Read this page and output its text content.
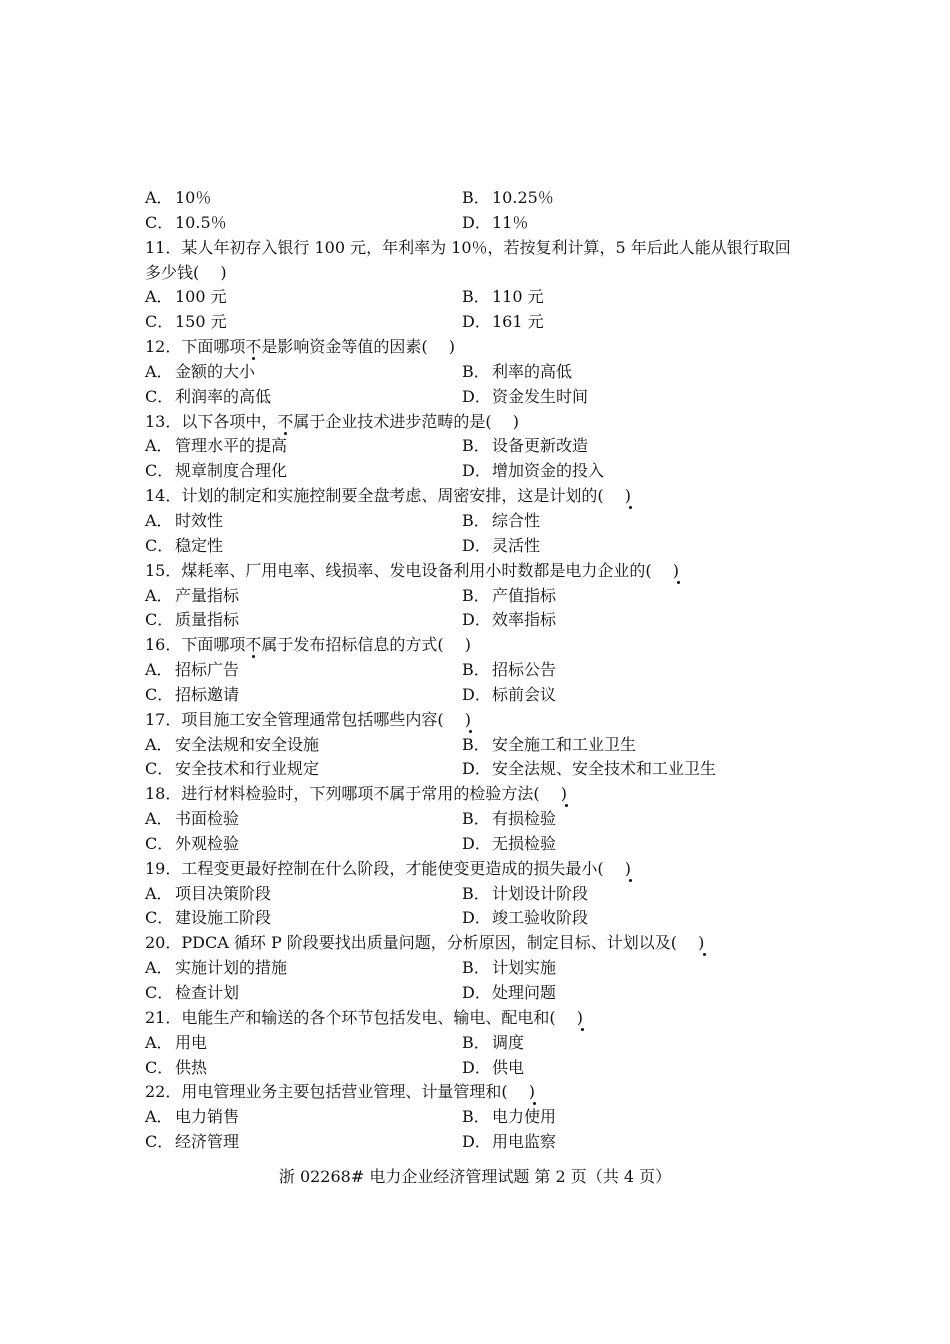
A． 10％	B． 10.25％
C． 10.5％	D．11％
11．某人年初存入银行 100 元，年利率为 10％，若按复利计算，5 年后此人能从银行取回
多少钱(　 )
A． 100 元	B． 110 元
C． 150 元	D．161 元
12．下面哪项不是影响资金等值的因素(　 )
A． 金额的大小	B． 利率的高低
C． 利润率的高低	D．资金发生时间
13．以下各项中，不属于企业技术进步范畴的是(　 )
A． 管理水平的提高	B． 设备更新改造
C． 规章制度合理化	D．增加资金的投入
14．计划的制定和实施控制要全盘考虑、周密安排，这是计划的(　 )
A． 时效性	B． 综合性
C． 稳定性	D．灵活性
15．煤耗率、厂用电率、线损率、发电设备利用小时数都是电力企业的(　 )
A． 产量指标	B． 产值指标
C． 质量指标	D．效率指标
16．下面哪项不属于发布招标信息的方式(　 )
A． 招标广告	B． 招标公告
C． 招标邀请	D．标前会议
17．项目施工安全管理通常包括哪些内容(　 )
A． 安全法规和安全设施	B． 安全施工和工业卫生
C． 安全技术和行业规定	D．安全法规、安全技术和工业卫生
18．进行材料检验时，下列哪项不属于常用的检验方法(　 )
A． 书面检验	B． 有损检验
C． 外观检验	D．无损检验
19．工程变更最好控制在什么阶段，才能使变更造成的损失最小(　 )
A． 项目决策阶段	B． 计划设计阶段
C． 建设施工阶段	D．竣工验收阶段
20．PDCA 循环 P 阶段要找出质量问题，分析原因，制定目标、计划以及(　 )
A． 实施计划的措施	B． 计划实施
C． 检查计划	D．处理问题
21．电能生产和输送的各个环节包括发电、输电、配电和(　 )
A． 用电	B． 调度
C． 供热	D．供电
22．用电管理业务主要包括营业管理、计量管理和(　 )
A． 电力销售	B． 电力使用
C． 经济管理	D．用电监察
浙 02268# 电力企业经济管理试题 第 2 页（共 4 页）
